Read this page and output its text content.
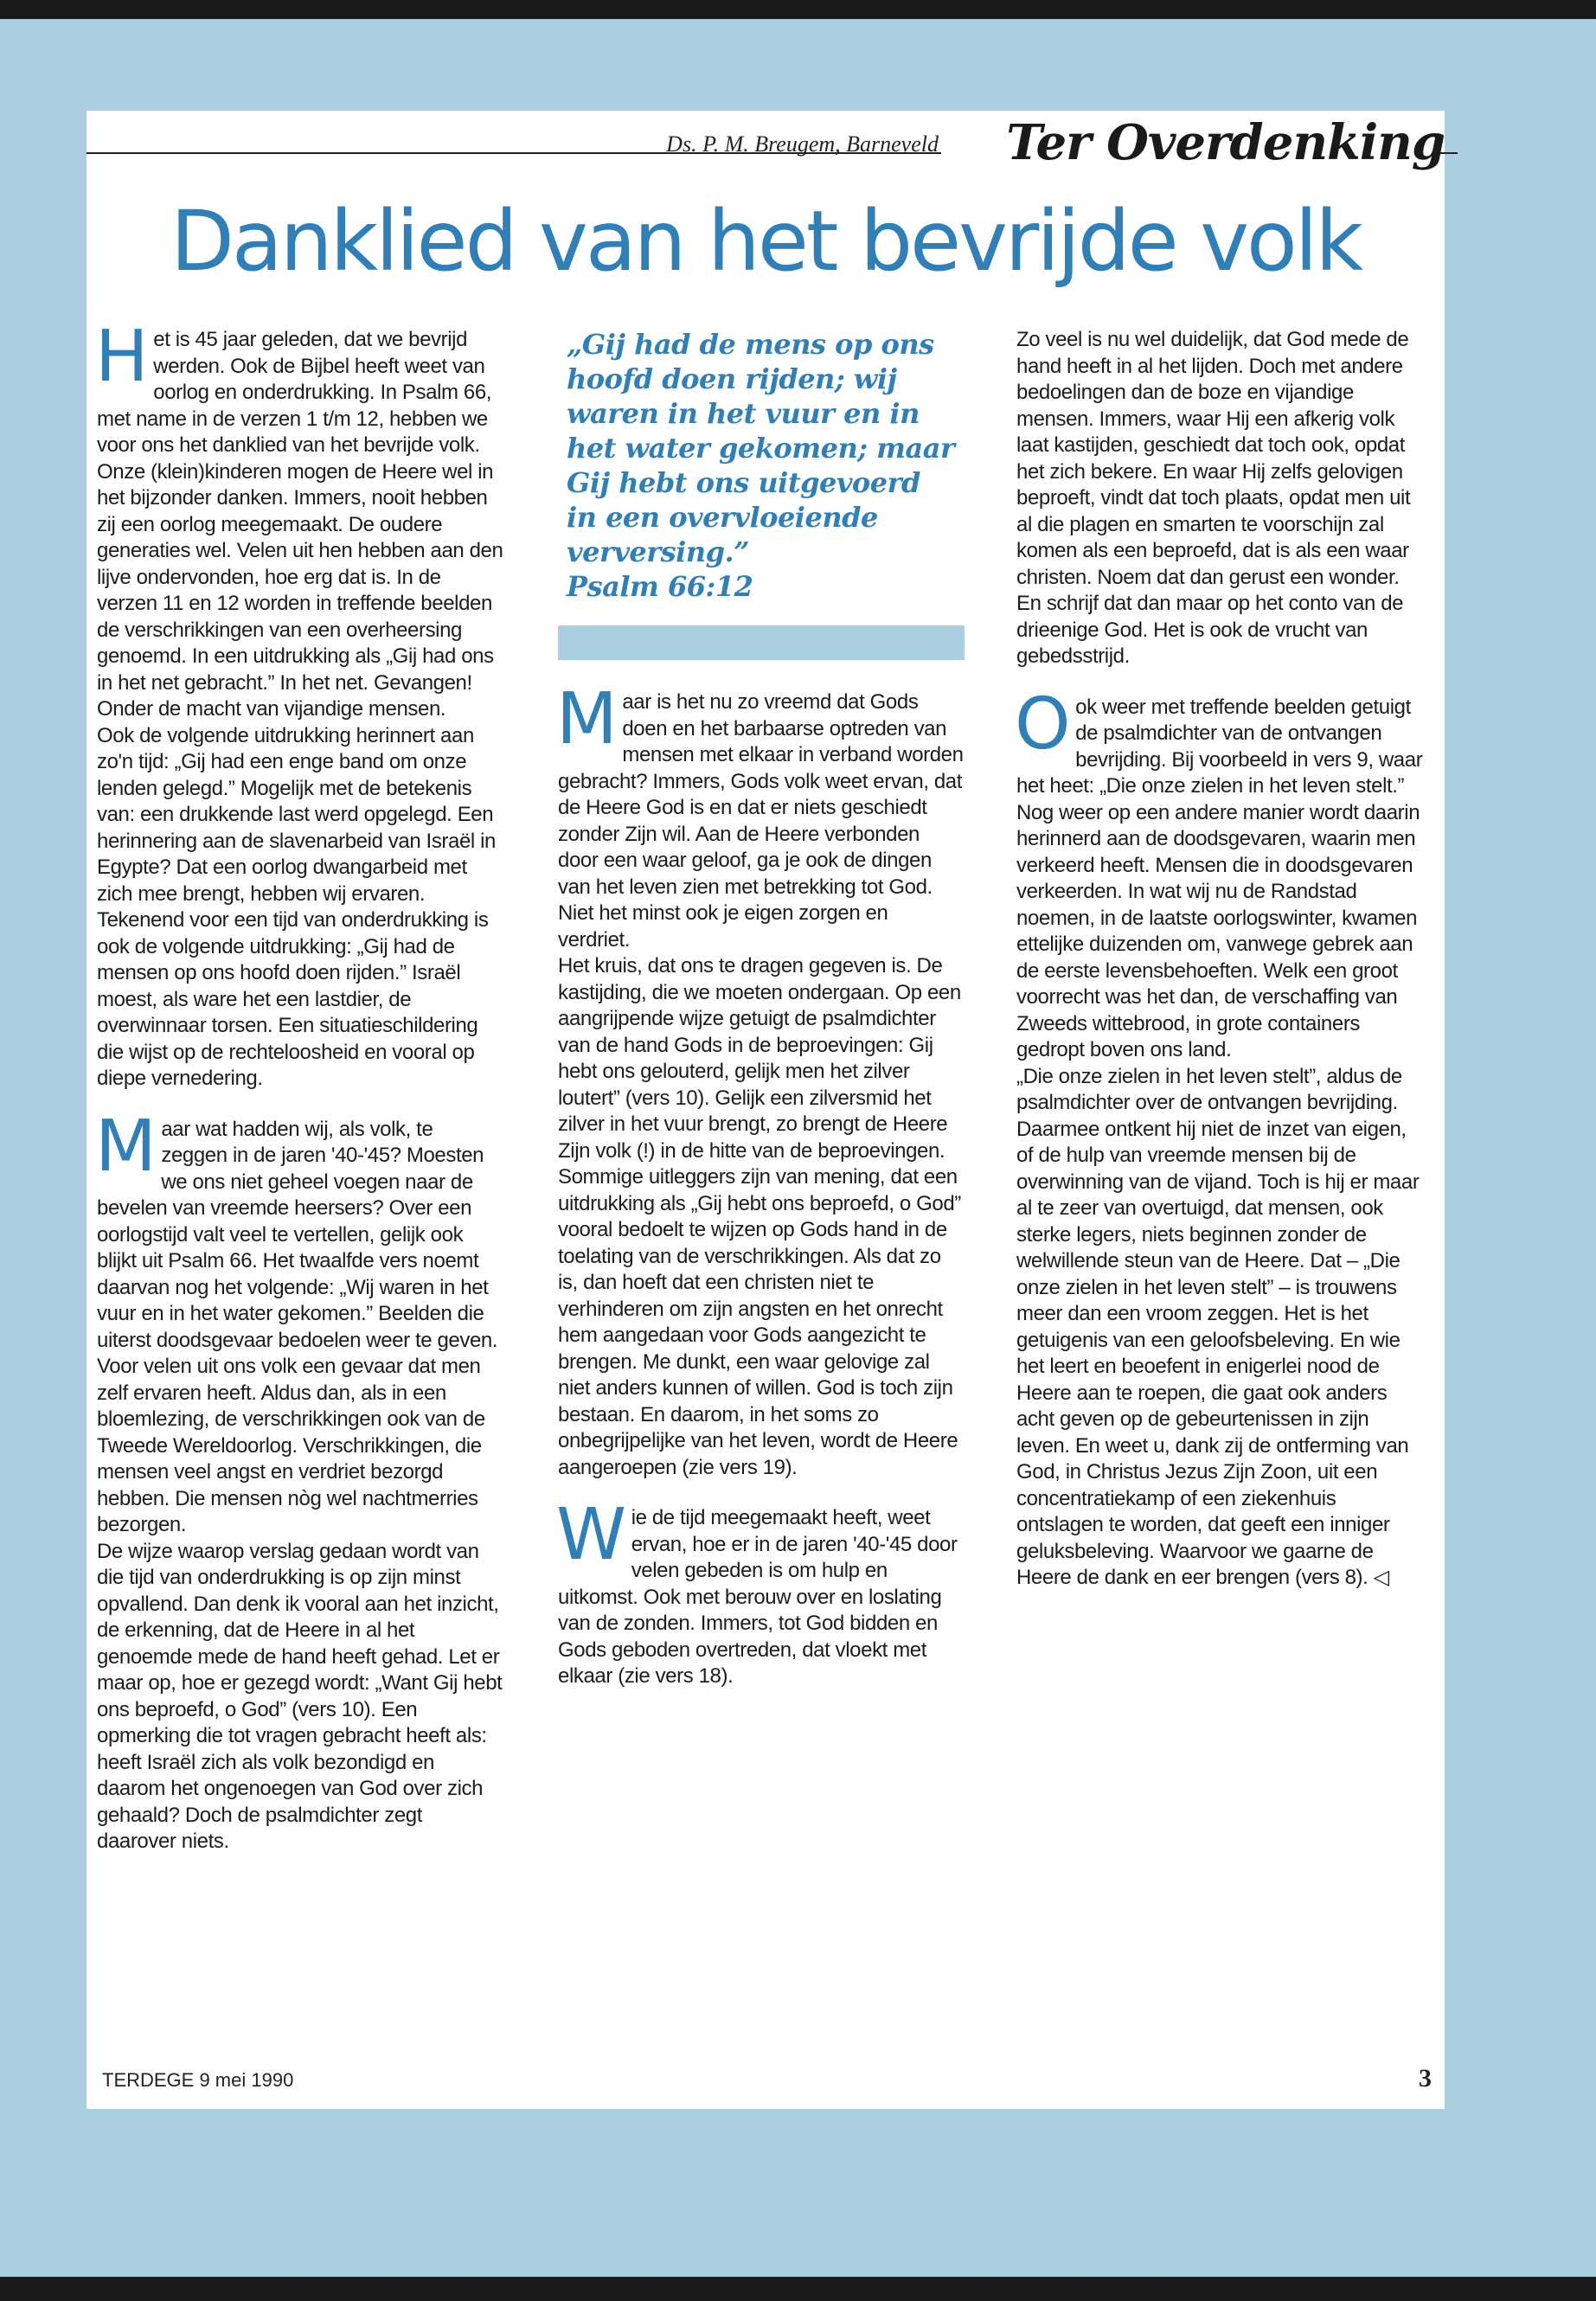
Ds. P. M. Breugem, Barneveld	Ter Overdenking
Danklied van het bevrijde volk

Het is 45 jaar geleden, dat we bevrijd werden. Ook de Bijbel heeft weet van oorlog en onderdrukking. In Psalm 66, met name in de verzen 1 t/m 12, hebben we voor ons het danklied van het bevrijde volk. Onze (klein)kinderen mogen de Heere wel in het bijzonder danken. Immers, nooit hebben zij een oorlog meegemaakt. De oudere generaties wel. Velen uit hen hebben aan den lijve ondervonden, hoe erg dat is. In de verzen 11 en 12 worden in treffende beelden de verschrikkingen van een overheersing genoemd. In een uitdrukking als „Gij had ons in het net gebracht.” In het net. Gevangen! Onder de macht van vijandige mensen.

Ook de volgende uitdrukking herinnert aan zo'n tijd: „Gij had een enge band om onze lenden gelegd.” Mogelijk met de betekenis van: een drukkende last werd opgelegd. Een herinnering aan de slavenarbeid van Israël in Egypte? Dat een oorlog dwangarbeid met zich mee brengt, hebben wij ervaren. Tekenend voor een tijd van onderdrukking is ook de volgende uitdrukking: „Gij had de mensen op ons hoofd doen rijden.” Israël moest, als ware het een lastdier, de overwinnaar torsen. Een situatieschildering die wijst op de rechteloosheid en vooral op diepe vernedering.

Maar wat hadden wij, als volk, te zeggen in de jaren '40-'45? Moesten we ons niet geheel voegen naar de bevelen van vreemde heersers? Over een oorlogstijd valt veel te vertellen, gelijk ook blijkt uit Psalm 66. Het twaalfde vers noemt daarvan nog het volgende: „Wij waren in het vuur en in het water gekomen.” Beelden die uiterst doodsgevaar bedoelen weer te geven. Voor velen uit ons volk een gevaar dat men zelf ervaren heeft. Aldus dan, als in een bloemlezing, de verschrikkingen ook van de Tweede Wereldoorlog. Verschrikkingen, die mensen veel angst en verdriet bezorgd hebben. Die mensen nòg wel nachtmerries bezorgen.

De wijze waarop verslag gedaan wordt van die tijd van onderdrukking is op zijn minst opvallend. Dan denk ik vooral aan het inzicht, de erkenning, dat de Heere in al het genoemde mede de hand heeft gehad. Let er maar op, hoe er gezegd wordt: „Want Gij hebt ons beproefd, o God” (vers 10). Een opmerking die tot vragen gebracht heeft als: heeft Israël zich als volk bezondigd en daarom het ongenoegen van God over zich gehaald? Doch de psalmdichter zegt daarover niets.

„Gij had de mens op ons hoofd doen rijden; wij waren in het vuur en in het water gekomen; maar Gij hebt ons uitgevoerd in een overvloeiende verversing.”
Psalm 66:12

Maar is het nu zo vreemd dat Gods doen en het barbaarse optreden van mensen met elkaar in verband worden gebracht? Immers, Gods volk weet ervan, dat de Heere God is en dat er niets geschiedt zonder Zijn wil. Aan de Heere verbonden door een waar geloof, ga je ook de dingen van het leven zien met betrekking tot God. Niet het minst ook je eigen zorgen en verdriet.

Het kruis, dat ons te dragen gegeven is. De kastijding, die we moeten ondergaan. Op een aangrijpende wijze getuigt de psalmdichter van de hand Gods in de beproevingen: Gij hebt ons gelouterd, gelijk men het zilver loutert” (vers 10). Gelijk een zilversmid het zilver in het vuur brengt, zo brengt de Heere Zijn volk (!) in de hitte van de beproevingen. Sommige uitleggers zijn van mening, dat een uitdrukking als „Gij hebt ons beproefd, o God” vooral bedoelt te wijzen op Gods hand in de toelating van de verschrikkingen. Als dat zo is, dan hoeft dat een christen niet te verhinderen om zijn angsten en het onrecht hem aangedaan voor Gods aangezicht te brengen. Me dunkt, een waar gelovige zal niet anders kunnen of willen. God is toch zijn bestaan. En daarom, in het soms zo onbegrijpelijke van het leven, wordt de Heere aangeroepen (zie vers 19).

Wie de tijd meegemaakt heeft, weet ervan, hoe er in de jaren '40-'45 door velen gebeden is om hulp en uitkomst. Ook met berouw over en loslating van de zonden. Immers, tot God bidden en Gods geboden overtreden, dat vloekt met elkaar (zie vers 18).

Zo veel is nu wel duidelijk, dat God mede de hand heeft in al het lijden. Doch met andere bedoelingen dan de boze en vijandige mensen. Immers, waar Hij een afkerig volk laat kastijden, geschiedt dat toch ook, opdat het zich bekere. En waar Hij zelfs gelovigen beproeft, vindt dat toch plaats, opdat men uit al die plagen en smarten te voorschijn zal komen als een beproefd, dat is als een waar christen. Noem dat dan gerust een wonder. En schrijf dat dan maar op het conto van de drieenige God. Het is ook de vrucht van gebedsstrijd.

Ook weer met treffende beelden getuigt de psalmdichter van de ontvangen bevrijding. Bij voorbeeld in vers 9, waar het heet: „Die onze zielen in het leven stelt.” Nog weer op een andere manier wordt daarin herinnerd aan de doodsgevaren, waarin men verkeerd heeft. Mensen die in doodsgevaren verkeerden. In wat wij nu de Randstad noemen, in de laatste oorlogswinter, kwamen ettelijke duizenden om, vanwege gebrek aan de eerste levensbehoeften. Welk een groot voorrecht was het dan, de verschaffing van Zweeds wittebrood, in grote containers gedropt boven ons land.

„Die onze zielen in het leven stelt”, aldus de psalmdichter over de ontvangen bevrijding. Daarmee ontkent hij niet de inzet van eigen, of de hulp van vreemde mensen bij de overwinning van de vijand. Toch is hij er maar al te zeer van overtuigd, dat mensen, ook sterke legers, niets beginnen zonder de welwillende steun van de Heere. Dat – „Die onze zielen in het leven stelt” – is trouwens meer dan een vroom zeggen. Het is het getuigenis van een geloofsbeleving. En wie het leert en beoefent in enigerlei nood de Heere aan te roepen, die gaat ook anders acht geven op de gebeurtenissen in zijn leven. En weet u, dank zij de ontferming van God, in Christus Jezus Zijn Zoon, uit een concentratiekamp of een ziekenhuis ontslagen te worden, dat geeft een inniger geluksbeleving. Waarvoor we gaarne de Heere de dank en eer brengen (vers 8). ◁

TERDEGE 9 mei 1990	3
